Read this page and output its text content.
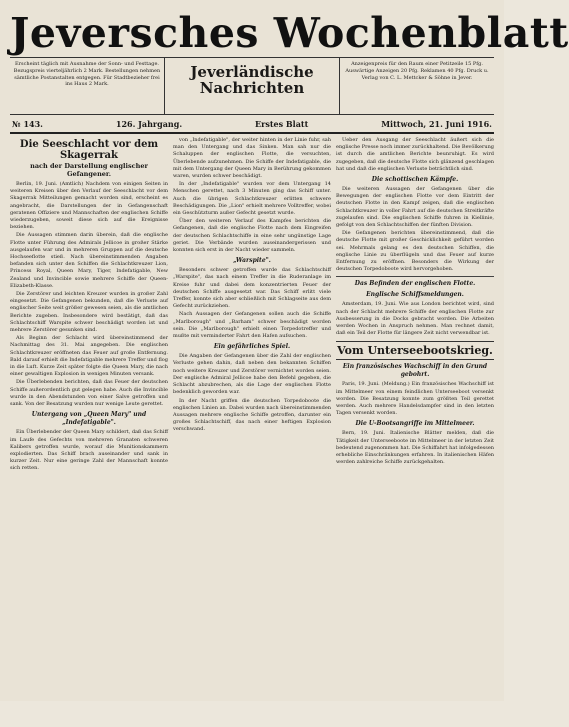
Jeversches Wochenblatt
Erscheint täglich mit Ausnahme der Sonn- und Festtage. Bezugspreis vierteljährlich 2 Mark. Bestellungen nehmen sämtliche Postanstalten entgegen. Für Stadtbezieher frei ins Haus 2 Mark.
Jeverländische
Nachrichten
Anzeigenpreis für den Raum einer Petitzeile 15 Pfg. Auswärtige Anzeigen 20 Pfg. Reklamen 40 Pfg. Druck u. Verlag von C. L. Mettcker & Söhne in Jever.
№ 143.	126. Jahrgang.	Erstes Blatt	Mittwoch, 21. Juni 1916.
Die Seeschlacht vor dem Skagerrak
nach der Darstellung englischer Gefangener.

Berlin, 19. Juni. (Amtlich) Nachdem von einigen Seiten in weiteren Kreisen über den Verlauf der Seeschlacht vor dem Skagerrak Mitteilungen gemacht worden sind, erscheint es angebracht, die Darstellungen der in Gefangenschaft geratenen Offiziere und Mannschaften der englischen Schiffe wiederzugeben, soweit diese sich auf die Ereignisse beziehen.

Die Aussagen stimmen darin überein, daß die englische Flotte unter Führung des Admirals Jellicoe in großer Stärke ausgelaufen war und in mehreren Gruppen auf die deutsche Hochseeflotte stieß. Nach übereinstimmenden Angaben befanden sich unter den Schiffen die Schlachtkreuzer Lion, Princess Royal, Queen Mary, Tiger, Indefatigable, New Zealand und Invincible sowie mehrere Schiffe der Queen-Elizabeth-Klasse.

Die Zerstörer und leichten Kreuzer wurden in großer Zahl eingesetzt. Die Gefangenen bekunden, daß die Verluste auf englischer Seite weit größer gewesen seien, als die amtlichen Berichte zugeben. Insbesondere wird bestätigt, daß das Schlachtschiff Warspite schwer beschädigt worden ist und mehrere Zerstörer gesunken sind.

Als Beginn der Schlacht wird übereinstimmend der Nachmittag des 31. Mai angegeben. Die englischen Schlachtkreuzer eröffneten das Feuer auf große Entfernung. Bald darauf erhielt die Indefatigable mehrere Treffer und flog in die Luft. Kurze Zeit später folgte die Queen Mary, die nach einer gewaltigen Explosion in wenigen Minuten versank.

Die Überlebenden berichten, daß das Feuer der deutschen Schiffe außerordentlich gut gelegen habe. Auch die Invincible wurde in den Abendstunden von einer Salve getroffen und sank. Von der Besatzung wurden nur wenige Leute gerettet.

Untergang von „Queen Mary" und „Indefatigable".

Ein Überlebender der Queen Mary schildert, daß das Schiff im Laufe des Gefechts von mehreren Granaten schweren Kalibers getroffen wurde, worauf die Munitionskammern explodierten. Das Schiff brach auseinander und sank in kurzer Zeit. Nur eine geringe Zahl der Mannschaft konnte sich retten.

von „Indefatigable", der weiter hinten in der Linie fuhr, sah man den Untergang und das Sinken. Man sah nur die Schaluppen der englischen Flotte, die versuchten, Überlebende aufzunehmen. Die Schiffe der Indefatigable, die mit dem Untergang der Queen Mary in Berührung gekommen waren, wurden schwer beschädigt.

In der „Indefatigable" wurden vor dem Untergang 14 Menschen gerettet, nach 3 Minuten ging das Schiff unter. Auch die übrigen Schlachtkreuzer erlitten schwere Beschädigungen. Die „Lion" erhielt mehrere Volltreffer, wobei ein Geschützturm außer Gefecht gesetzt wurde.

Über den weiteren Verlauf des Kampfes berichten die Gefangenen, daß die englische Flotte nach dem Eingreifen der deutschen Schlachtschiffe in eine sehr ungünstige Lage geriet. Die Verbände wurden auseinandergerissen und konnten sich erst in der Nacht wieder sammeln.

„Warspite".

Besonders schwer getroffen wurde das Schlachtschiff „Warspite", das nach einem Treffer in die Ruderanlage im Kreise fuhr und dabei dem konzentrierten Feuer der deutschen Schiffe ausgesetzt war. Das Schiff erlitt viele Treffer, konnte sich aber schließlich mit Schlagseite aus dem Gefecht zurückziehen.

Nach Aussagen der Gefangenen sollen auch die Schiffe „Marlborough" und „Barham" schwer beschädigt worden sein. Die „Marlborough" erhielt einen Torpedotreffer und mußte mit verminderter Fahrt den Hafen aufsuchen.

Ein gefährliches Spiel.

Die Angaben der Gefangenen über die Zahl der englischen Verluste gehen dahin, daß neben den bekannten Schiffen noch weitere Kreuzer und Zerstörer vernichtet worden seien. Der englische Admiral Jellicoe habe den Befehl gegeben, die Schlacht abzubrechen, als die Lage der englischen Flotte bedenklich geworden war.

In der Nacht griffen die deutschen Torpedoboote die englischen Linien an. Dabei wurden nach übereinstimmenden Aussagen mehrere englische Schiffe getroffen, darunter ein großes Schlachtschiff, das nach einer heftigen Explosion verschwand.

Ueber den Ausgang der Seeschlacht äußert sich die englische Presse noch immer zurückhaltend. Die Bevölkerung ist durch die amtlichen Berichte beunruhigt. Es wird zugegeben, daß die deutsche Flotte sich glänzend geschlagen hat und daß die englischen Verluste beträchtlich sind.

Die schottischen Kämpfe.

Die weiteren Aussagen der Gefangenen über die Bewegungen der englischen Flotte vor dem Eintritt der deutschen Flotte in den Kampf zeigen, daß die englischen Schlachtkreuzer in voller Fahrt auf die deutschen Streitkräfte zugelaufen sind. Die englischen Schiffe fuhren in Kiellinie, gefolgt von den Schlachtschiffen der fünften Division.

Die Gefangenen berichten übereinstimmend, daß die deutsche Flotte mit großer Geschicklichkeit geführt worden sei. Mehrmals gelang es den deutschen Schiffen, die englische Linie zu überflügeln und das Feuer auf kurze Entfernung zu eröffnen. Besonders die Wirkung der deutschen Torpedoboote wird hervorgehoben.

Das Befinden der englischen Flotte.
Englische Schiffsmeldungen.

Amsterdam, 19. Juni. Wie aus London berichtet wird, sind nach der Schlacht mehrere Schiffe der englischen Flotte zur Ausbesserung in die Docks gebracht worden. Die Arbeiten werden Wochen in Anspruch nehmen. Man rechnet damit, daß ein Teil der Flotte für längere Zeit nicht verwendbar ist.

Vom Unterseebootskrieg.
Ein französisches Wachschiff in den Grund gebohrt.

Paris, 19. Juni. (Meldung.) Ein französisches Wachschiff ist im Mittelmeer von einem feindlichen Unterseeboot versenkt worden. Die Besatzung konnte zum größten Teil gerettet werden. Auch mehrere Handelsdampfer sind in den letzten Tagen versenkt worden.

Die U-Bootsangriffe im Mittelmeer.

Bern, 19. Juni. Italienische Blätter melden, daß die Tätigkeit der Unterseeboote im Mittelmeer in der letzten Zeit bedeutend zugenommen hat. Die Schiffahrt hat infolgedessen erhebliche Einschränkungen erfahren. In italienischen Häfen werden zahlreiche Schiffe zurückgehalten.
